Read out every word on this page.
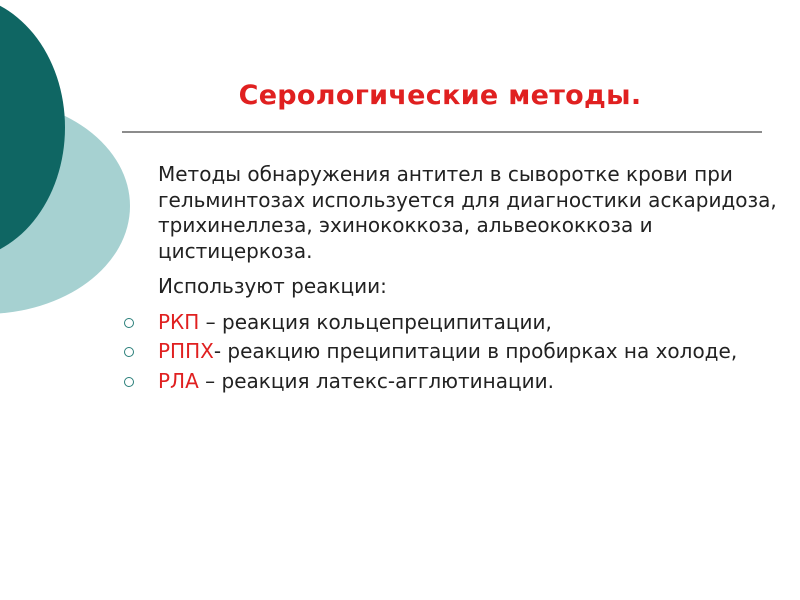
Серологические методы.

Методы обнаружения антител в сыворотке крови при гельминтозах используется для диагностики аскаридоза, трихинеллеза, эхинококкоза, альвеококкоза и цистицеркоза.

Используют реакции:

РКП – реакция кольцепреципитации,
РППХ- реакцию преципитации в пробирках на холоде,
РЛА – реакция латекс-агглютинации.
